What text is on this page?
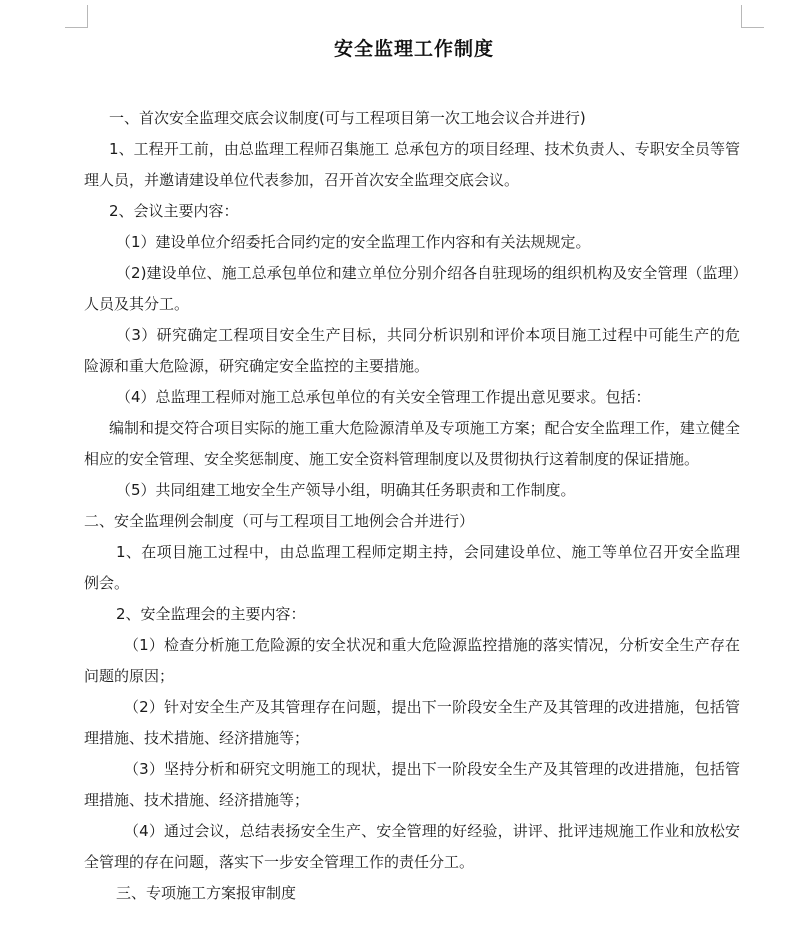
安全监理工作制度

一、首次安全监理交底会议制度(可与工程项目第一次工地会议合并进行)

1、工程开工前，由总监理工程师召集施工 总承包方的项目经理、技术负责人、专职安全员等管理人员，并邀请建设单位代表参加，召开首次安全监理交底会议。

2、会议主要内容：

（1）建设单位介绍委托合同约定的安全监理工作内容和有关法规规定。

（2)建设单位、施工总承包单位和建立单位分别介绍各自驻现场的组织机构及安全管理（监理）人员及其分工。

（3）研究确定工程项目安全生产目标，共同分析识别和评价本项目施工过程中可能生产的危险源和重大危险源，研究确定安全监控的主要措施。

（4）总监理工程师对施工总承包单位的有关安全管理工作提出意见要求。包括：

编制和提交符合项目实际的施工重大危险源清单及专项施工方案；配合安全监理工作，建立健全相应的安全管理、安全奖惩制度、施工安全资料管理制度以及贯彻执行这着制度的保证措施。

（5）共同组建工地安全生产领导小组，明确其任务职责和工作制度。

二、安全监理例会制度（可与工程项目工地例会合并进行）

1、在项目施工过程中，由总监理工程师定期主持，会同建设单位、施工等单位召开安全监理例会。

2、安全监理会的主要内容：

（1）检查分析施工危险源的安全状况和重大危险源监控措施的落实情况，分析安全生产存在问题的原因；

（2）针对安全生产及其管理存在问题，提出下一阶段安全生产及其管理的改进措施，包括管理措施、技术措施、经济措施等；

（3）坚持分析和研究文明施工的现状，提出下一阶段安全生产及其管理的改进措施，包括管理措施、技术措施、经济措施等；

（4）通过会议，总结表扬安全生产、安全管理的好经验，讲评、批评违规施工作业和放松安全管理的存在问题，落实下一步安全管理工作的责任分工。

三、专项施工方案报审制度
